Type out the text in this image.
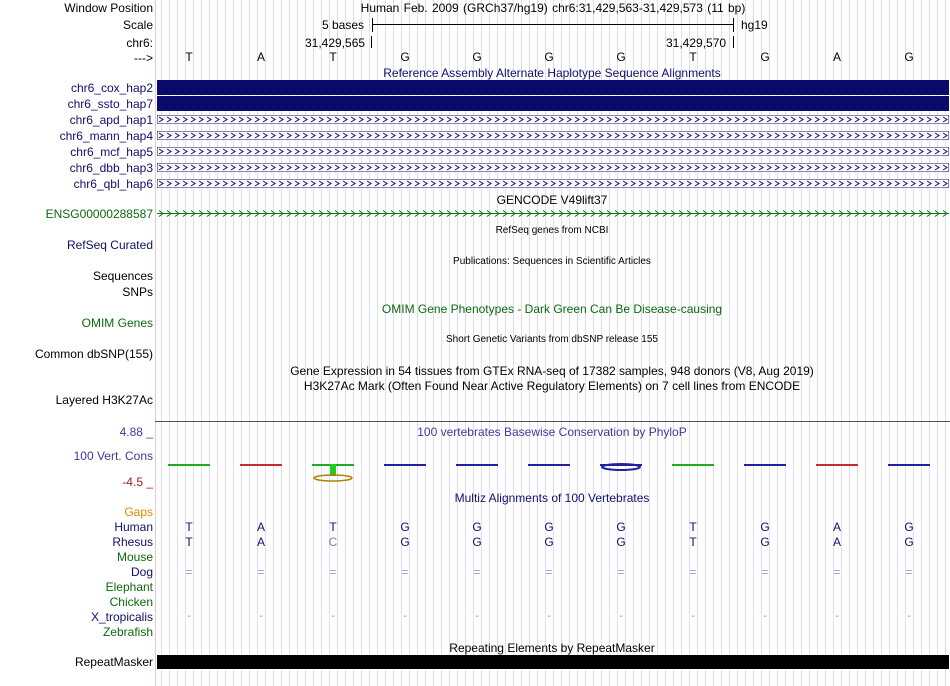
Window Position
Scale
chr6:
--->
Human Feb. 2009 (GRCh37/hg19) chr6:31,429,563-31,429,573 (11 bp)
5 bases	hg19
31,429,565	31,429,570
T	A	T	G	G	G	G	T	G	A	G
Reference Assembly Alternate Haplotype Sequence Alignments
chr6_cox_hap2
chr6_ssto_hap7
chr6_apd_hap1
chr6_mann_hap4
chr6_mcf_hap5
chr6_dbb_hap3
chr6_qbl_hap6
GENCODE V49lift37
ENSG00000288587
RefSeq genes from NCBI
RefSeq Curated
Publications: Sequences in Scientific Articles
Sequences
SNPs
OMIM Gene Phenotypes - Dark Green Can Be Disease-causing
OMIM Genes
Short Genetic Variants from dbSNP release 155
Common dbSNP(155)
Gene Expression in 54 tissues from GTEx RNA-seq of 17382 samples, 948 donors (V8, Aug 2019)
H3K27Ac Mark (Often Found Near Active Regulatory Elements) on 7 cell lines from ENCODE
Layered H3K27Ac
100 vertebrates Basewise Conservation by PhyloP
4.88 _
100 Vert. Cons
-4.5 _
Multiz Alignments of 100 Vertebrates
Gaps
Human	T	A	T	G	G	G	G	T	G	A	G
Rhesus	T	A	C	G	G	G	G	T	G	A	G
Mouse
Dog	=	=	=	=	=	=	=	=	=	=	=
Elephant
Chicken
X_tropicalis	-	-	-	-	-	-	-	-	-	-	-
Zebrafish
Repeating Elements by RepeatMasker
RepeatMasker
